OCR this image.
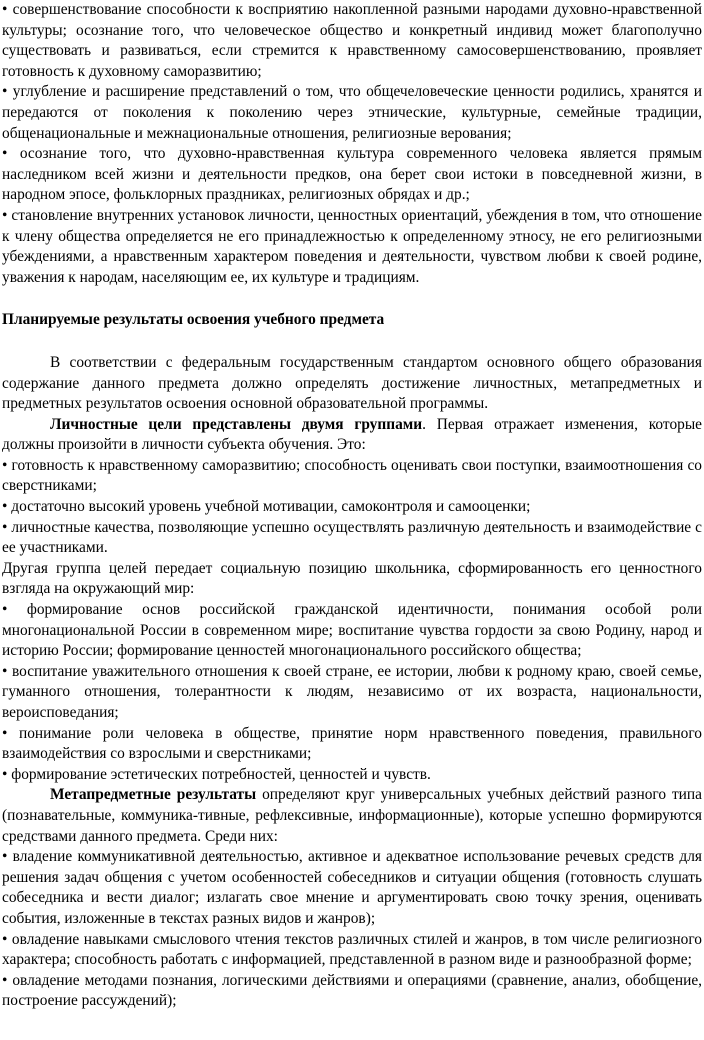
• совершенствование способности к восприятию накопленной разными народами духовно-нравственной культуры; осознание того, что человеческое общество и конкретный индивид может благополучно существовать и развиваться, если стремится к нравственному самосовершенствованию, проявляет готовность к духовному саморазвитию;

• углубление и расширение представлений о том, что общечеловеческие ценности родились, хранятся и передаются от поколения к поколению через этнические, культурные, семейные традиции, общенациональные и межнациональные отношения, религиозные верования;

• осознание того, что духовно-нравственная культура современного человека является прямым наследником всей жизни и деятельности предков, она берет свои истоки в повседневной жизни, в народном эпосе, фольклорных праздниках, религиозных обрядах и др.;

• становление внутренних установок личности, ценностных ориентаций, убеждения в том, что отношение к члену общества определяется не его принадлежностью к определенному этносу, не его религиозными убеждениями, а нравственным характером поведения и деятельности, чувством любви к своей родине, уважения к народам, населяющим ее, их культуре и традициям.

Планируемые результаты освоения учебного предмета

В соответствии с федеральным государственным стандартом основного общего образования содержание данного предмета должно определять достижение личностных, метапредметных и предметных результатов освоения основной образовательной программы.

Личностные цели представлены двумя группами. Первая отражает изменения, которые должны произойти в личности субъекта обучения. Это:

• готовность к нравственному саморазвитию; способность оценивать свои поступки, взаимоотношения со сверстниками;

• достаточно высокий уровень учебной мотивации, самоконтроля и самооценки;

• личностные качества, позволяющие успешно осуществлять различную деятельность и взаимодействие с ее участниками.

Другая группа целей передает социальную позицию школьника, сформированность его ценностного взгляда на окружающий мир:

• формирование основ российской гражданской идентичности, понимания особой роли многонациональной России в современном мире; воспитание чувства гордости за свою Родину, народ и историю России; формирование ценностей многонационального российского общества;

• воспитание уважительного отношения к своей стране, ее истории, любви к родному краю, своей семье, гуманного отношения, толерантности к людям, независимо от их возраста, национальности, вероисповедания;

• понимание роли человека в обществе, принятие норм нравственного поведения, правильного взаимодействия со взрослыми и сверстниками;

• формирование эстетических потребностей, ценностей и чувств.

Метапредметные результаты определяют круг универсальных учебных действий разного типа (познавательные, коммуника-тивные, рефлексивные, информационные), которые успешно формируются средствами данного предмета. Среди них:

• владение коммуникативной деятельностью, активное и адекватное использование речевых средств для решения задач общения с учетом особенностей собеседников и ситуации общения (готовность слушать собеседника и вести диалог; излагать свое мнение и аргументировать свою точку зрения, оценивать события, изложенные в текстах разных видов и жанров);

• овладение навыками смыслового чтения текстов различных стилей и жанров, в том числе религиозного характера; способность работать с информацией, представленной в разном виде и разнообразной форме;

• овладение методами познания, логическими действиями и операциями (сравнение, анализ, обобщение, построение рассуждений);
